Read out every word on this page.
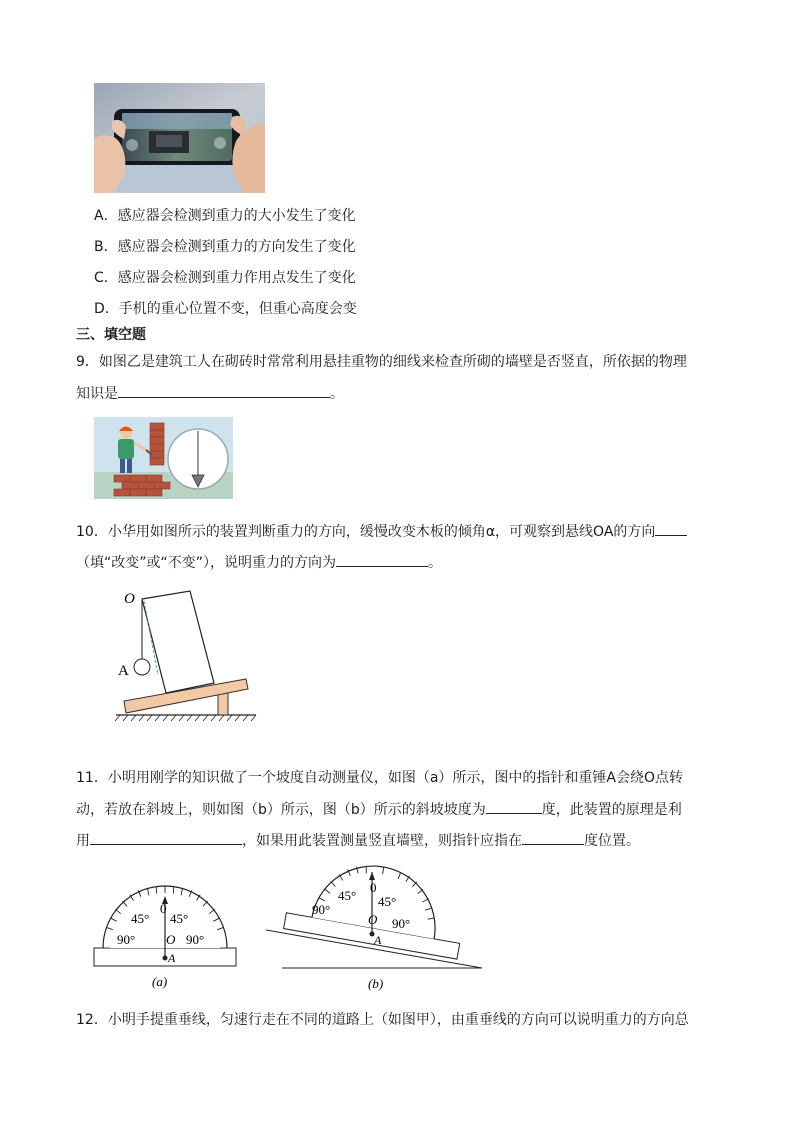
A．感应器会检测到重力的大小发生了变化
B．感应器会检测到重力的方向发生了变化
C．感应器会检测到重力作用点发生了变化
D．手机的重心位置不变，但重心高度会变
三、填空题
9．如图乙是建筑工人在砌砖时常常利用悬挂重物的细线来检查所砌的墙壁是否竖直，所依据的物理
知识是	。
10．小华用如图所示的装置判断重力的方向，缓慢改变木板的倾角α，可观察到悬线OA的方向
（填“改变”或“不变”），说明重力的方向为	。
O
A
11．小明用刚学的知识做了一个坡度自动测量仪，如图（a）所示，图中的指针和重锤A会绕O点转
动，若放在斜坡上，则如图（b）所示，图（b）所示的斜坡坡度为	度，此装置的原理是利
用	，如果用此装置测量竖直墙壁，则指针应指在	度位置。
0
45° 45°
90°	90°
O
A
(a)
0
45° 45°
90°
90°
O
A
(b)
12．小明手提重垂线，匀速行走在不同的道路上（如图甲），由重垂线的方向可以说明重力的方向总
